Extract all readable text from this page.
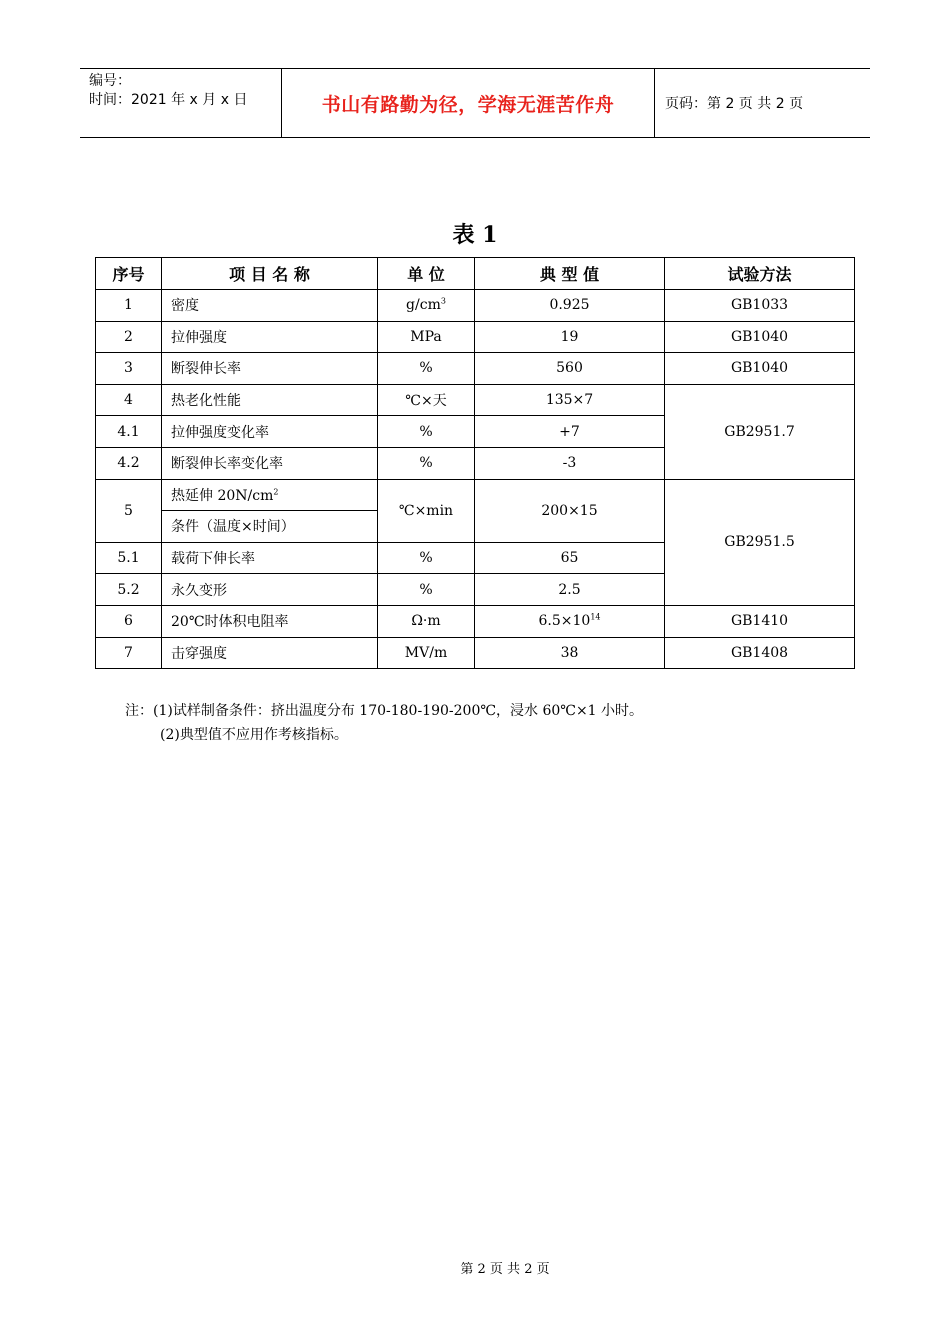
编号：
时间：2021 年 x 月 x 日	书山有路勤为径，学海无涯苦作舟	页码：第 2 页 共 2 页
表 1
序号	项 目 名 称	单 位	典 型 值	试验方法
1	密度	$g/cm^3$	0.925	GB1033
2	拉伸强度	MPa	19	GB1040
3	断裂伸长率	%	560	GB1040
4	热老化性能	℃×天	135×7	GB2951.7
4.1	拉伸强度变化率	%	+7	
4.2	断裂伸长率变化率	%	-3	
5	热延伸 $20N/cm^2$	℃×min	200×15	GB2951.5
	条件（温度×时间）			
5.1	载荷下伸长率	%	65	
5.2	永久变形	%	2.5	
6	20℃时体积电阻率	Ω·m	$6.5\times 10^{14}$	GB1410
7	击穿强度	MV/m	38	GB1408
注：(1)试样制备条件：挤出温度分布 170-180-190-200℃，浸水 60℃×1 小时。
(2)典型值不应用作考核指标。
第 2 页 共 2 页
